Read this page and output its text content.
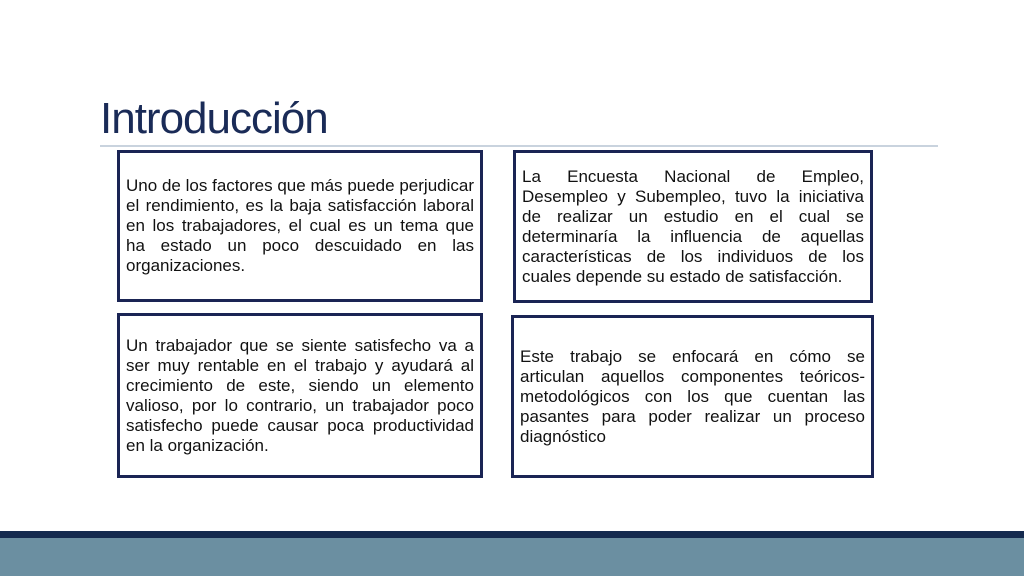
Introducción

Uno de los factores que más puede perjudicar el rendimiento, es la baja satisfacción laboral en los trabajadores, el cual es un tema que ha estado un poco descuidado en las organizaciones.

La Encuesta Nacional de Empleo, Desempleo y Subempleo, tuvo la iniciativa de realizar un estudio en el cual se determinaría la influencia de aquellas características de los individuos de los cuales depende su estado de satisfacción.

Un trabajador que se siente satisfecho va a ser muy rentable en el trabajo y ayudará al crecimiento de este, siendo un elemento valioso, por lo contrario, un trabajador poco satisfecho puede causar poca productividad en la organización.

Este trabajo se enfocará en cómo se articulan aquellos componentes teóricos-metodológicos con los que cuentan las pasantes para poder realizar un proceso diagnóstico
